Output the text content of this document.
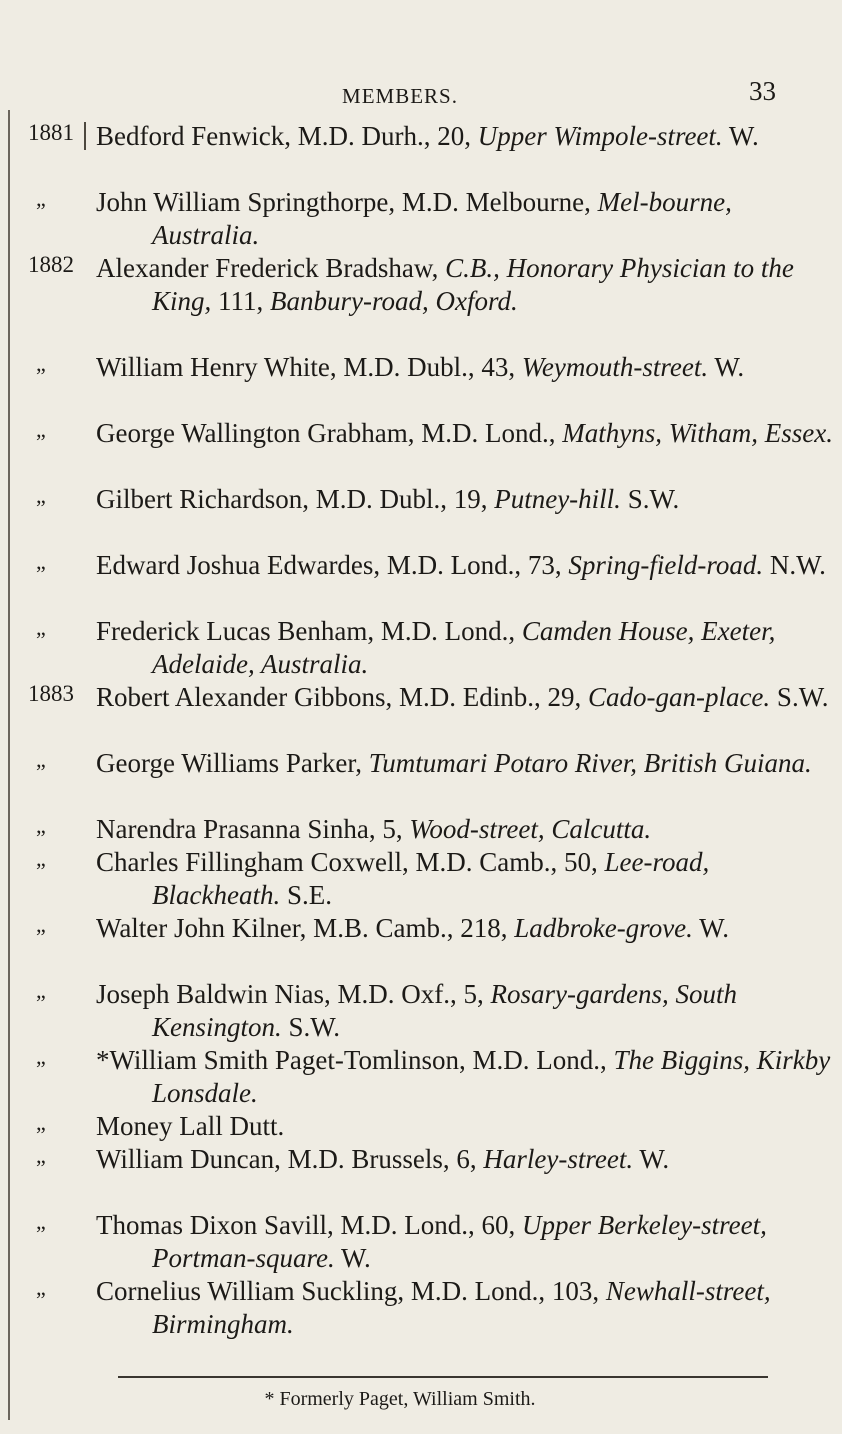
MEMBERS.	33
1881 Bedford Fenwick, M.D. Durh., 20, Upper Wimpole-street. W.
„	John William Springthorpe, M.D. Melbourne, Mel-bourne, Australia.
1882 Alexander Frederick Bradshaw, C.B., Honorary Physician to the King, 111, Banbury-road, Oxford.
„	William Henry White, M.D. Dubl., 43, Weymouth-street. W.
„	George Wallington Grabham, M.D. Lond., Mathyns, Witham, Essex.
„	Gilbert Richardson, M.D. Dubl., 19, Putney-hill. S.W.
„	Edward Joshua Edwardes, M.D. Lond., 73, Spring-field-road. N.W.
„	Frederick Lucas Benham, M.D. Lond., Camden House, Exeter, Adelaide, Australia.
1883 Robert Alexander Gibbons, M.D. Edinb., 29, Cado-gan-place. S.W.
„	George Williams Parker, Tumtumari Potaro River, British Guiana.
„	Narendra Prasanna Sinha, 5, Wood-street, Calcutta.
„	Charles Fillingham Coxwell, M.D. Camb., 50, Lee-road, Blackheath. S.E.
„	Walter John Kilner, M.B. Camb., 218, Ladbroke-grove. W.
„	Joseph Baldwin Nias, M.D. Oxf., 5, Rosary-gardens, South Kensington. S.W.
„	*William Smith Paget-Tomlinson, M.D. Lond., The Biggins, Kirkby Lonsdale.
„	Money Lall Dutt.
„	William Duncan, M.D. Brussels, 6, Harley-street. W.
„	Thomas Dixon Savill, M.D. Lond., 60, Upper Berkeley-street, Portman-square. W.
„	Cornelius William Suckling, M.D. Lond., 103, Newhall-street, Birmingham.
* Formerly Paget, William Smith.
